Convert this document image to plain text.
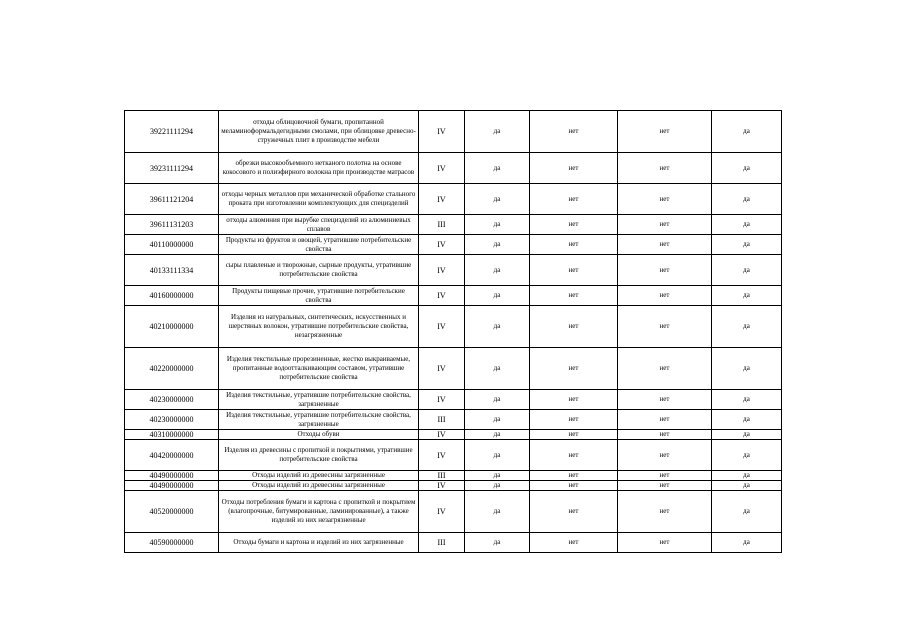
39221111294	отходы облицовочной бумаги, пропитанной меламиноформальдегидными смолами, при облицовке древесно-стружечных плит в производстве мебели	IV	да	нет	нет	да
39231111294	обрезки высокообъемного нетканого полотна на основе кокосового и полиэфирного волокна при производстве матрасов	IV	да	нет	нет	да
39611121204	отходы черных металлов при механической обработке стального проката при изготовлении комплектующих для специзделий	IV	да	нет	нет	да
39611131203	отходы алюминия при вырубке специзделий из алюминиевых сплавов	III	да	нет	нет	да
40110000000	Продукты из фруктов и овощей, утратившие потребительские свойства	IV	да	нет	нет	да
40133111334	сыры плавленые и творожные, сырные продукты, утратившие потребительские свойства	IV	да	нет	нет	да
40160000000	Продукты пищевые прочие, утратившие потребительские свойства	IV	да	нет	нет	да
40210000000	Изделия из натуральных, синтетических, искусственных и шерстяных волокон, утратившие потребительские свойства, незагрязненные	IV	да	нет	нет	да
40220000000	Изделия текстильные прорезиненные, жестко выкраиваемые, пропитанные водоотталкивающим составом, утратившие потребительские свойства	IV	да	нет	нет	да
40230000000	Изделия текстильные, утратившие потребительские свойства, загрязненные	IV	да	нет	нет	да
40230000000	Изделия текстильные, утратившие потребительские свойства, загрязненные	III	да	нет	нет	да
40310000000	Отходы обуви	IV	да	нет	нет	да
40420000000	Изделия из древесины с пропиткой и покрытиями, утратившие потребительские свойства	IV	да	нет	нет	да
40490000000	Отходы изделий из древесины загрязненные	III	да	нет	нет	да
40490000000	Отходы изделий из древесины загрязненные	IV	да	нет	нет	да
40520000000	Отходы потребления бумаги и картона с пропиткой и покрытием (влагопрочные, битумированные, ламинированные), а также изделий из них незагрязненные	IV	да	нет	нет	да
40590000000	Отходы бумаги и картона и изделий из них загрязненные	III	да	нет	нет	да
